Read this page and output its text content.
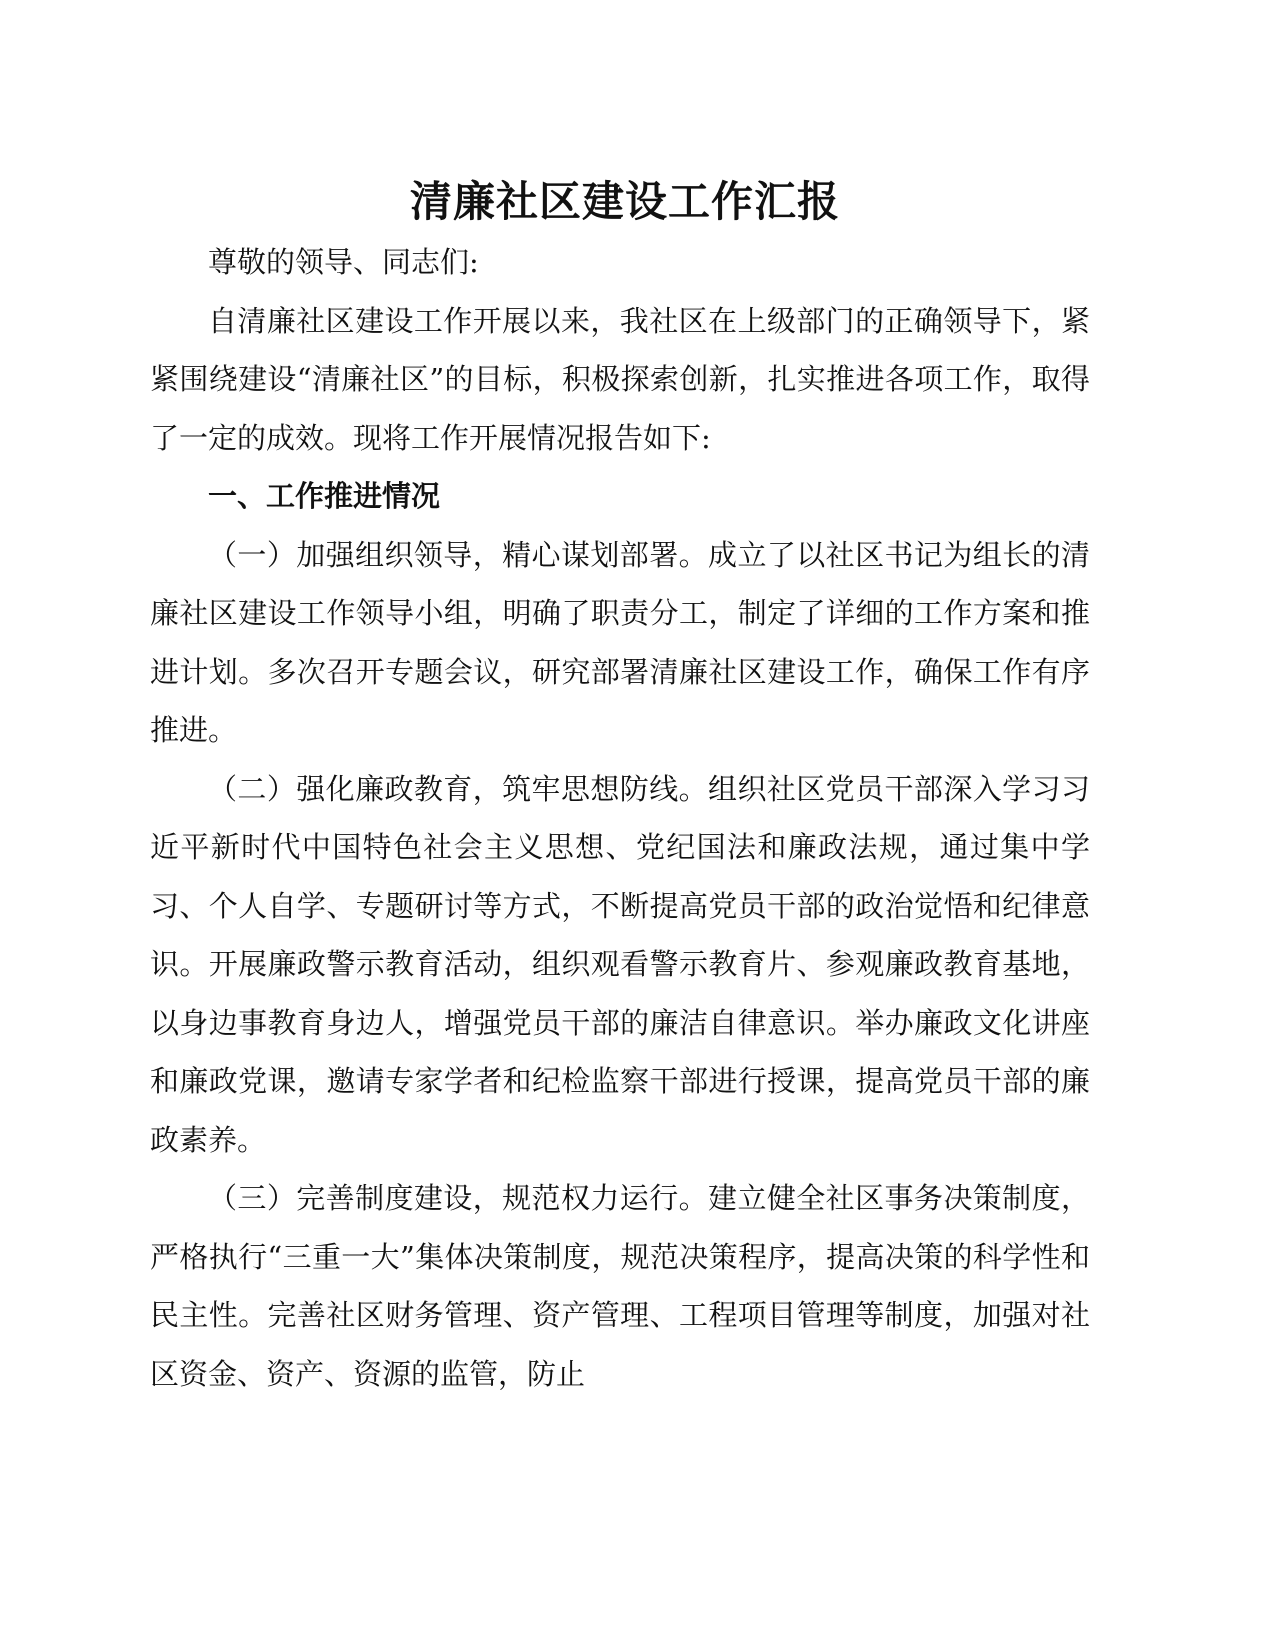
清廉社区建设工作汇报

尊敬的领导、同志们:

自清廉社区建设工作开展以来，我社区在上级部门的正确领导下，紧紧围绕建设“清廉社区”的目标，积极探索创新，扎实推进各项工作，取得了一定的成效。现将工作开展情况报告如下:

一、工作推进情况

（一）加强组织领导，精心谋划部署。成立了以社区书记为组长的清廉社区建设工作领导小组，明确了职责分工，制定了详细的工作方案和推进计划。多次召开专题会议，研究部署清廉社区建设工作，确保工作有序推进。

（二）强化廉政教育，筑牢思想防线。组织社区党员干部深入学习习近平新时代中国特色社会主义思想、党纪国法和廉政法规，通过集中学习、个人自学、专题研讨等方式，不断提高党员干部的政治觉悟和纪律意识。开展廉政警示教育活动，组织观看警示教育片、参观廉政教育基地，以身边事教育身边人，增强党员干部的廉洁自律意识。举办廉政文化讲座和廉政党课，邀请专家学者和纪检监察干部进行授课，提高党员干部的廉政素养。

（三）完善制度建设，规范权力运行。建立健全社区事务决策制度，严格执行“三重一大”集体决策制度，规范决策程序，提高决策的科学性和民主性。完善社区财务管理、资产管理、工程项目管理等制度，加强对社区资金、资产、资源的监管，防止
